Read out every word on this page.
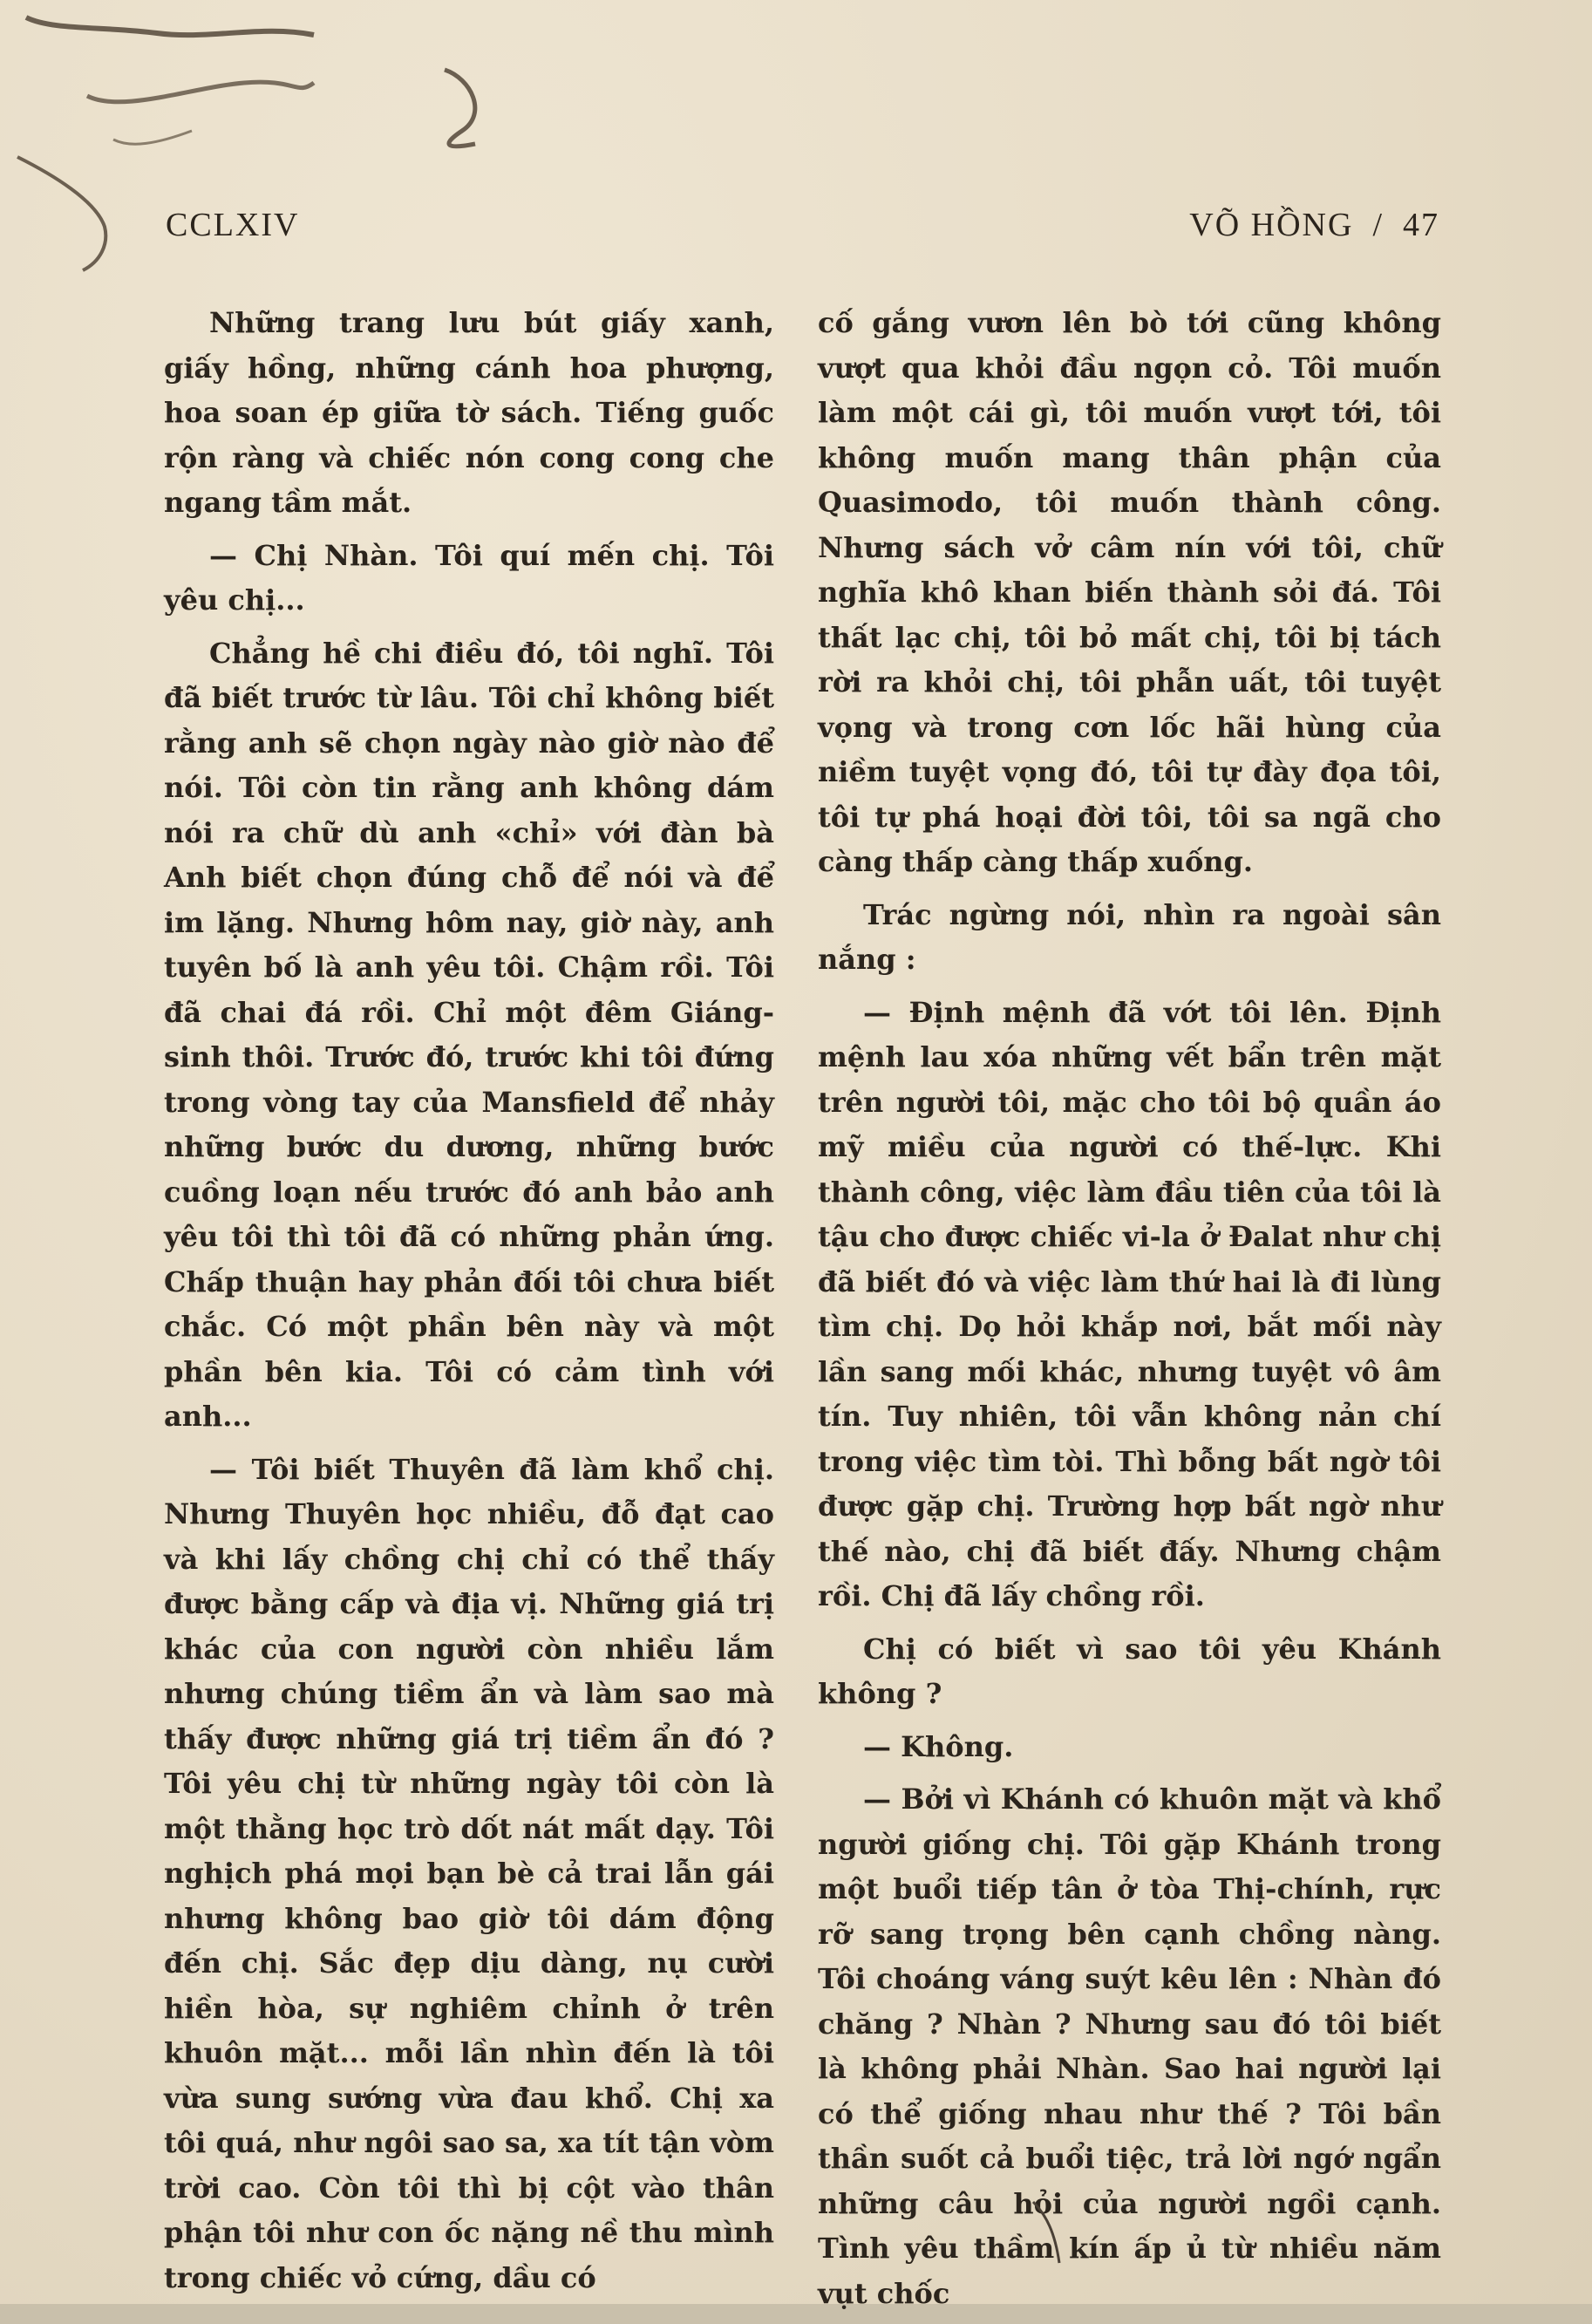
CCLXIV	VÕ HỒNG / 47

Những trang lưu bút giấy xanh, giấy hồng, những cánh hoa phượng, hoa soan ép giữa tờ sách. Tiếng guốc rộn ràng và chiếc nón cong cong che ngang tầm mắt.

— Chị Nhàn. Tôi quí mến chị. Tôi yêu chị...

Chẳng hề chi điều đó, tôi nghĩ. Tôi đã biết trước từ lâu. Tôi chỉ không biết rằng anh sẽ chọn ngày nào giờ nào để nói. Tôi còn tin rằng anh không dám nói ra chữ dù anh «chỉ» với đàn bà Anh biết chọn đúng chỗ để nói và để im lặng. Nhưng hôm nay, giờ này, anh tuyên bố là anh yêu tôi. Chậm rồi. Tôi đã chai đá rồi. Chỉ một đêm Giáng-sinh thôi. Trước đó, trước khi tôi đứng trong vòng tay của Mansfield để nhảy những bước du dương, những bước cuồng loạn nếu trước đó anh bảo anh yêu tôi thì tôi đã có những phản ứng. Chấp thuận hay phản đối tôi chưa biết chắc. Có một phần bên này và một phần bên kia. Tôi có cảm tình với anh...

— Tôi biết Thuyên đã làm khổ chị. Nhưng Thuyên học nhiều, đỗ đạt cao và khi lấy chồng chị chỉ có thể thấy được bằng cấp và địa vị. Những giá trị khác của con người còn nhiều lắm nhưng chúng tiềm ẩn và làm sao mà thấy được những giá trị tiềm ẩn đó ? Tôi yêu chị từ những ngày tôi còn là một thằng học trò dốt nát mất dạy. Tôi nghịch phá mọi bạn bè cả trai lẫn gái nhưng không bao giờ tôi dám động đến chị. Sắc đẹp dịu dàng, nụ cười hiền hòa, sự nghiêm chỉnh ở trên khuôn mặt... mỗi lần nhìn đến là tôi vừa sung sướng vừa đau khổ. Chị xa tôi quá, như ngôi sao sa, xa tít tận vòm trời cao. Còn tôi thì bị cột vào thân phận tôi như con ốc nặng nề thu mình trong chiếc vỏ cứng, dầu có

cố gắng vươn lên bò tới cũng không vượt qua khỏi đầu ngọn cỏ. Tôi muốn làm một cái gì, tôi muốn vượt tới, tôi không muốn mang thân phận của Quasimodo, tôi muốn thành công. Nhưng sách vở câm nín với tôi, chữ nghĩa khô khan biến thành sỏi đá. Tôi thất lạc chị, tôi bỏ mất chị, tôi bị tách rời ra khỏi chị, tôi phẫn uất, tôi tuyệt vọng và trong cơn lốc hãi hùng của niềm tuyệt vọng đó, tôi tự đày đọa tôi, tôi tự phá hoại đời tôi, tôi sa ngã cho càng thấp càng thấp xuống.

Trác ngừng nói, nhìn ra ngoài sân nắng :

— Định mệnh đã vớt tôi lên. Định mệnh lau xóa những vết bẩn trên mặt trên người tôi, mặc cho tôi bộ quần áo mỹ miều của người có thế-lực. Khi thành công, việc làm đầu tiên của tôi là tậu cho được chiếc vi-la ở Đalat như chị đã biết đó và việc làm thứ hai là đi lùng tìm chị. Dọ hỏi khắp nơi, bắt mối này lần sang mối khác, nhưng tuyệt vô âm tín. Tuy nhiên, tôi vẫn không nản chí trong việc tìm tòi. Thì bỗng bất ngờ tôi được gặp chị. Trường hợp bất ngờ như thế nào, chị đã biết đấy. Nhưng chậm rồi. Chị đã lấy chồng rồi.

Chị có biết vì sao tôi yêu Khánh không ?

— Không.

— Bởi vì Khánh có khuôn mặt và khổ người giống chị. Tôi gặp Khánh trong một buổi tiếp tân ở tòa Thị-chính, rực rỡ sang trọng bên cạnh chồng nàng. Tôi choáng váng suýt kêu lên : Nhàn đó chăng ? Nhàn ? Nhưng sau đó tôi biết là không phải Nhàn. Sao hai người lại có thể giống nhau như thế ? Tôi bần thần suốt cả buổi tiệc, trả lời ngớ ngẩn những câu hỏi của người ngồi cạnh. Tình yêu thầm kín ấp ủ từ nhiều năm vụt chốc
